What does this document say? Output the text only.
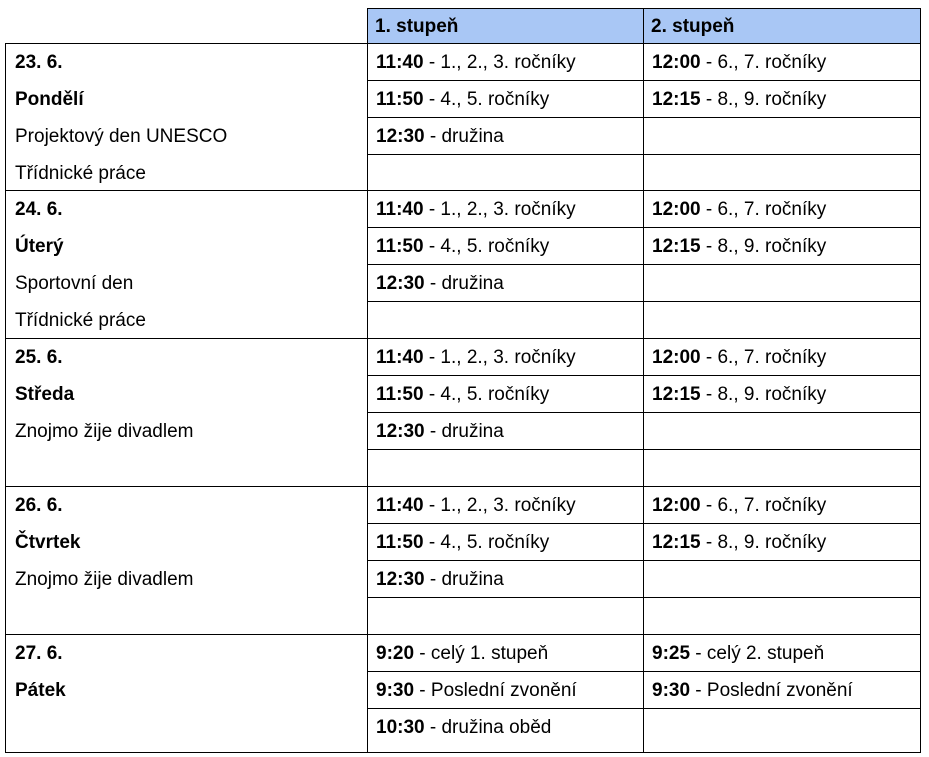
1. stupeň	2. stupeň
23. 6.
Pondělí
Projektový den UNESCO
Třídnické práce
11:40 - 1., 2., 3. ročníky
11:50 - 4., 5. ročníky
12:30 - družina
12:00 - 6., 7. ročníky
12:15 - 8., 9. ročníky
24. 6.
Úterý
Sportovní den
Třídnické práce
11:40 - 1., 2., 3. ročníky
11:50 - 4., 5. ročníky
12:30 - družina
12:00 - 6., 7. ročníky
12:15 - 8., 9. ročníky
25. 6.
Středa
Znojmo žije divadlem
11:40 - 1., 2., 3. ročníky
11:50 - 4., 5. ročníky
12:30 - družina
12:00 - 6., 7. ročníky
12:15 - 8., 9. ročníky
26. 6.
Čtvrtek
Znojmo žije divadlem
11:40 - 1., 2., 3. ročníky
11:50 - 4., 5. ročníky
12:30 - družina
12:00 - 6., 7. ročníky
12:15 - 8., 9. ročníky
27. 6.
Pátek
9:20 - celý 1. stupeň
9:30 - Poslední zvonění
10:30 - družina oběd
9:25 - celý 2. stupeň
9:30 - Poslední zvonění
